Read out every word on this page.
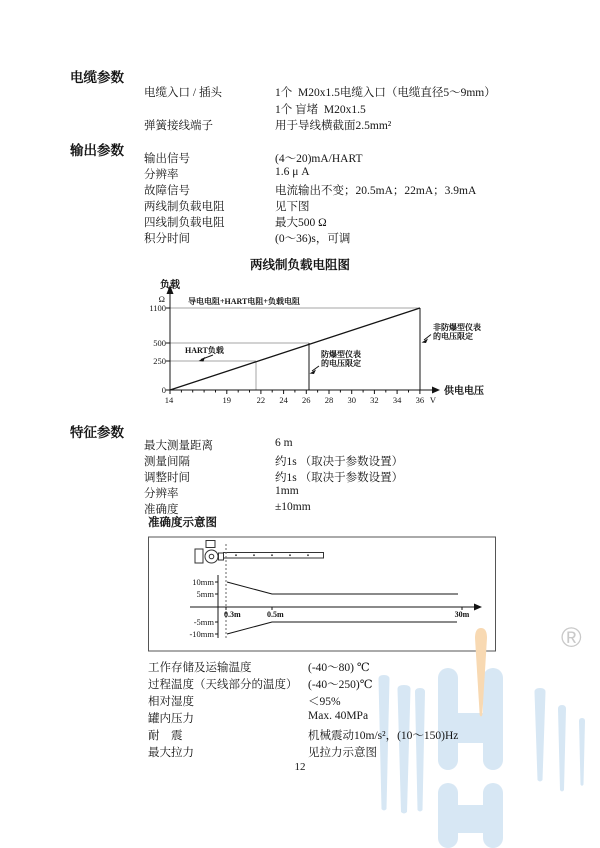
电缆参数
电缆入口 / 插头	1个  M20x1.5电缆入口（电缆直径5～9mm）
1个 盲堵  M20x1.5
弹簧接线端子	用于导线横截面2.5mm²
输出参数
输出信号	(4～20)mA/HART
分辨率	1.6 μ A
故障信号	电流输出不变；20.5mA；22mA；3.9mA
两线制负载电阻	见下图
四线制负载电阻	最大500 Ω
积分时间	(0～36)s，可调
两线制负载电阻图
负载
Ω
1100
500
250
0
导电电阻+HART电阻+负载电阻
HART负载	防爆型仪表
的电压限定
非防爆型仪表
的电压限定
14	19	22 24 26 28 30 32 34 36 V
供电电压
特征参数
最大测量距离	6 m
测量间隔	约1s （取决于参数设置）
调整时间	约1s （取决于参数设置）
分辨率	1mm
准确度	±10mm
准确度示意图
10mm
5mm
-5mm
-10mm
0.3m	0.5m	30m
工作存储及运输温度	(-40～80) ℃
过程温度（天线部分的温度） (-40～250)℃
相对湿度	＜95%
罐内压力	Max. 40MPa
耐　震	机械震动10m/s²，(10～150)Hz
最大拉力	见拉力示意图
12
®
